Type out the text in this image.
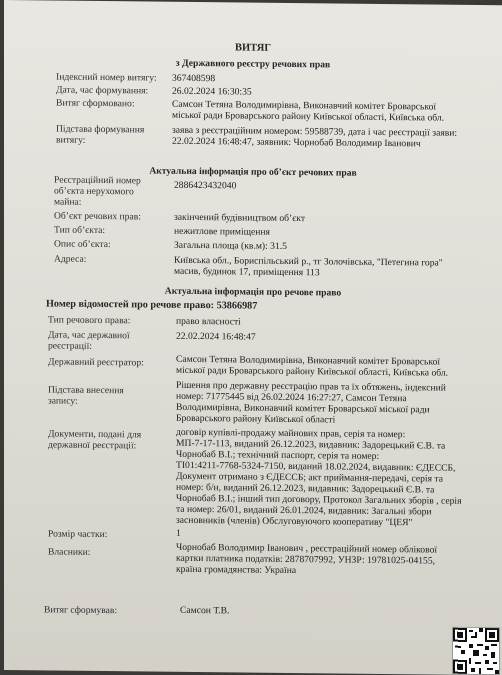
ВИТЯГ
з Державного реєстру речових прав
Індексний номер витягу: 367408598
Дата, час формування: 26.02.2024 16:30:35
Витяг сформовано:	Самсон Тетяна Володимирівна, Виконавчий комітет Броварської
міської ради Броварського району Київської області, Київська обл.
Підстава формування
витягу:
заява з реєстраційним номером: 59588739, дата і час реєстрації заяви:
22.02.2024 16:48:47, заявник: Чорнобаб Володимир Іванович
Актуальна інформація про об’єкт речових прав
Реєстраційний номер
об’єкта нерухомого
майна:
2886423432040
Об’єкт речових прав:	закінчений будівництвом об’єкт
Тип об’єкта:	нежитлове приміщення
Опис об’єкта:	Загальна площа (кв.м): 31.5
Адреса:	Київська обл., Бориспільський р., тг Золочівська, "Петегина гора"
масив, будинок 17, приміщення 113
Актуальна інформація про речове право
Номер відомостей про речове право: 53866987
Тип речового права:	право власності
Дата, час державної
реєстрації:
22.02.2024 16:48:47
Державний реєстратор:	Самсон Тетяна Володимирівна, Виконавчий комітет Броварської
міської ради Броварського району Київської області, Київська обл.
Підстава внесення
запису:
Рішення про державну реєстрацію прав та їх обтяжень, індексний
номер: 71775445 від 26.02.2024 16:27:27, Самсон Тетяна
Володимирівна, Виконавчий комітет Броварської міської ради
Броварського району Київської області
Документи, подані для
державної реєстрації:
договір купівлі-продажу майнових прав, серія та номер:
МП-7-17-113, виданий 26.12.2023, видавник: Задорецький Є.В. та
Чорнобаб В.І.; технічний паспорт, серія та номер:
ТІ01:4211-7768-5324-7150, виданий 18.02.2024, видавник: ЄДЕССБ,
Документ отримано з ЄДЕССБ; акт приймання-передачі, серія та
номер: б/н, виданий 26.12.2023, видавник: Задорецький Є.В. та
Чорнобаб В.І.; інший тип договору, Протокол Загальних зборів , серія
та номер: 26/01, виданий 26.01.2024, видавник: Загальні збори
засновників (членів) Обслуговуючого кооперативу "ЦЕЯ"
Розмір частки:	1
Власники:	Чорнобаб Володимир Іванович , реєстраційний номер облікової
картки платника податків: 2878707992, УНЗР: 19781025-04155,
країна громадянства: Україна
Витяг сформував:	Самсон Т.В.
